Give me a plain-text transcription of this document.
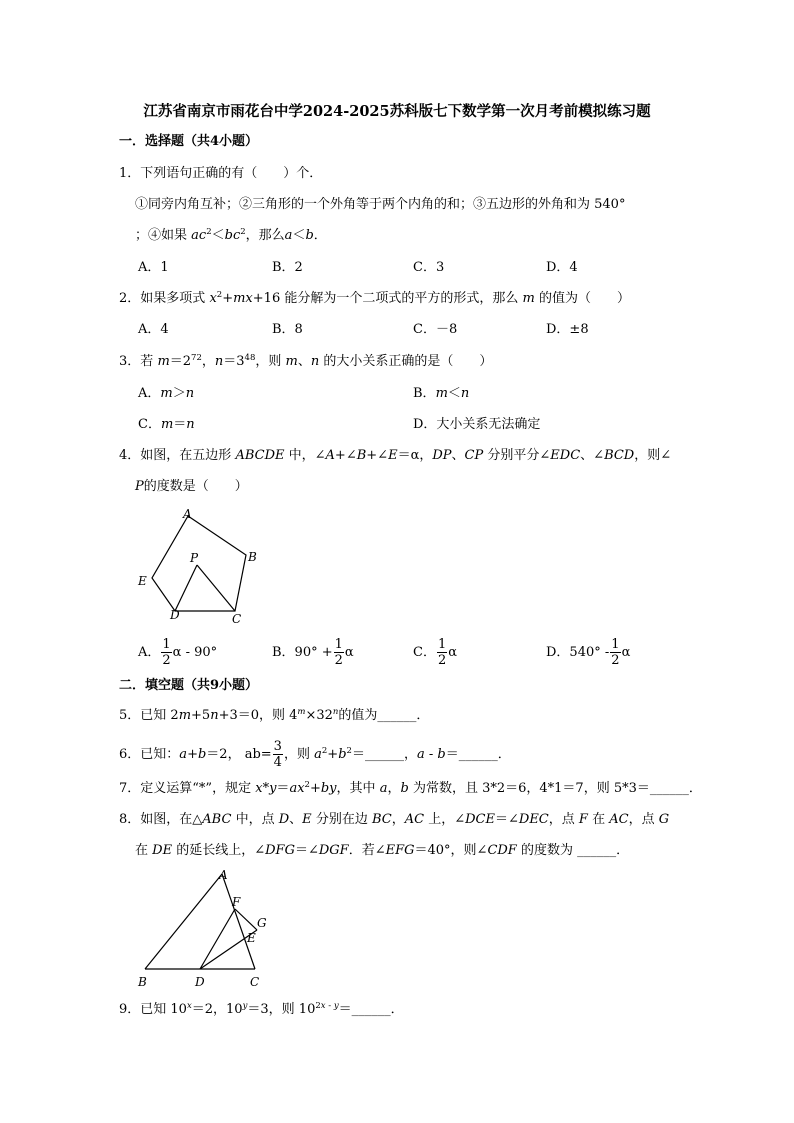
江苏省南京市雨花台中学2024-2025苏科版七下数学第一次月考前模拟练习题
一．选择题（共4小题）
1．下列语句正确的有（　　）个．
①同旁内角互补；②三角形的一个外角等于两个内角的和；③五边形的外角和为 540°
；④如果 $ac^2<bc^2$，那么a＜b．
A．1	B．2	C．3	D．4
2．如果多项式 $x^2+mx+16$ 能分解为一个二项式的平方的形式，那么 m 的值为（　　）
A．4	B．8	C．－8	D．±8
3．若 $m=2^{72}$，$n=3^{48}$，则 m、n 的大小关系正确的是（　　）
A．m＞n	B．m＜n
C．m＝n	D．大小关系无法确定
4．如图，在五边形 ABCDE 中，∠A+∠B+∠E＝α，DP、CP 分别平分∠EDC、∠BCD，则∠
P的度数是（　　）
A
B
C
D
E
P
A． $\frac{1}{2}$ α - 90°	B．$90^\circ + \frac{1}{2}$ α	C． $\frac{1}{2}$ α	D．$540^\circ - \frac{1}{2}$ α
二．填空题（共9小题）
5．已知 2m+5n+3＝0，则 $4^m\times 32^n$的值为______．
6．已知：a+b＝2， $ab= \frac{3}{4}$ ，则 $a^2+b^2=\_\_\_\_\_\_$，a - b＝______．
7．定义运算“*”，规定 $x*y=ax^2+by$，其中 a，b 为常数，且 3*2＝6，4*1＝7，则 5*3＝______．
8．如图，在△ABC 中，点 D、E 分别在边 BC，AC 上，∠DCE＝∠DEC，点 F 在 AC，点 G
在 DE 的延长线上，∠DFG＝∠DGF．若∠EFG＝40°，则∠CDF 的度数为 ______．
A
B	C
D
E
F
G
9．已知 $10^x=2$，$10^y=3$，则 $10^{2x - y}=\_\_\_\_\_\_$．
